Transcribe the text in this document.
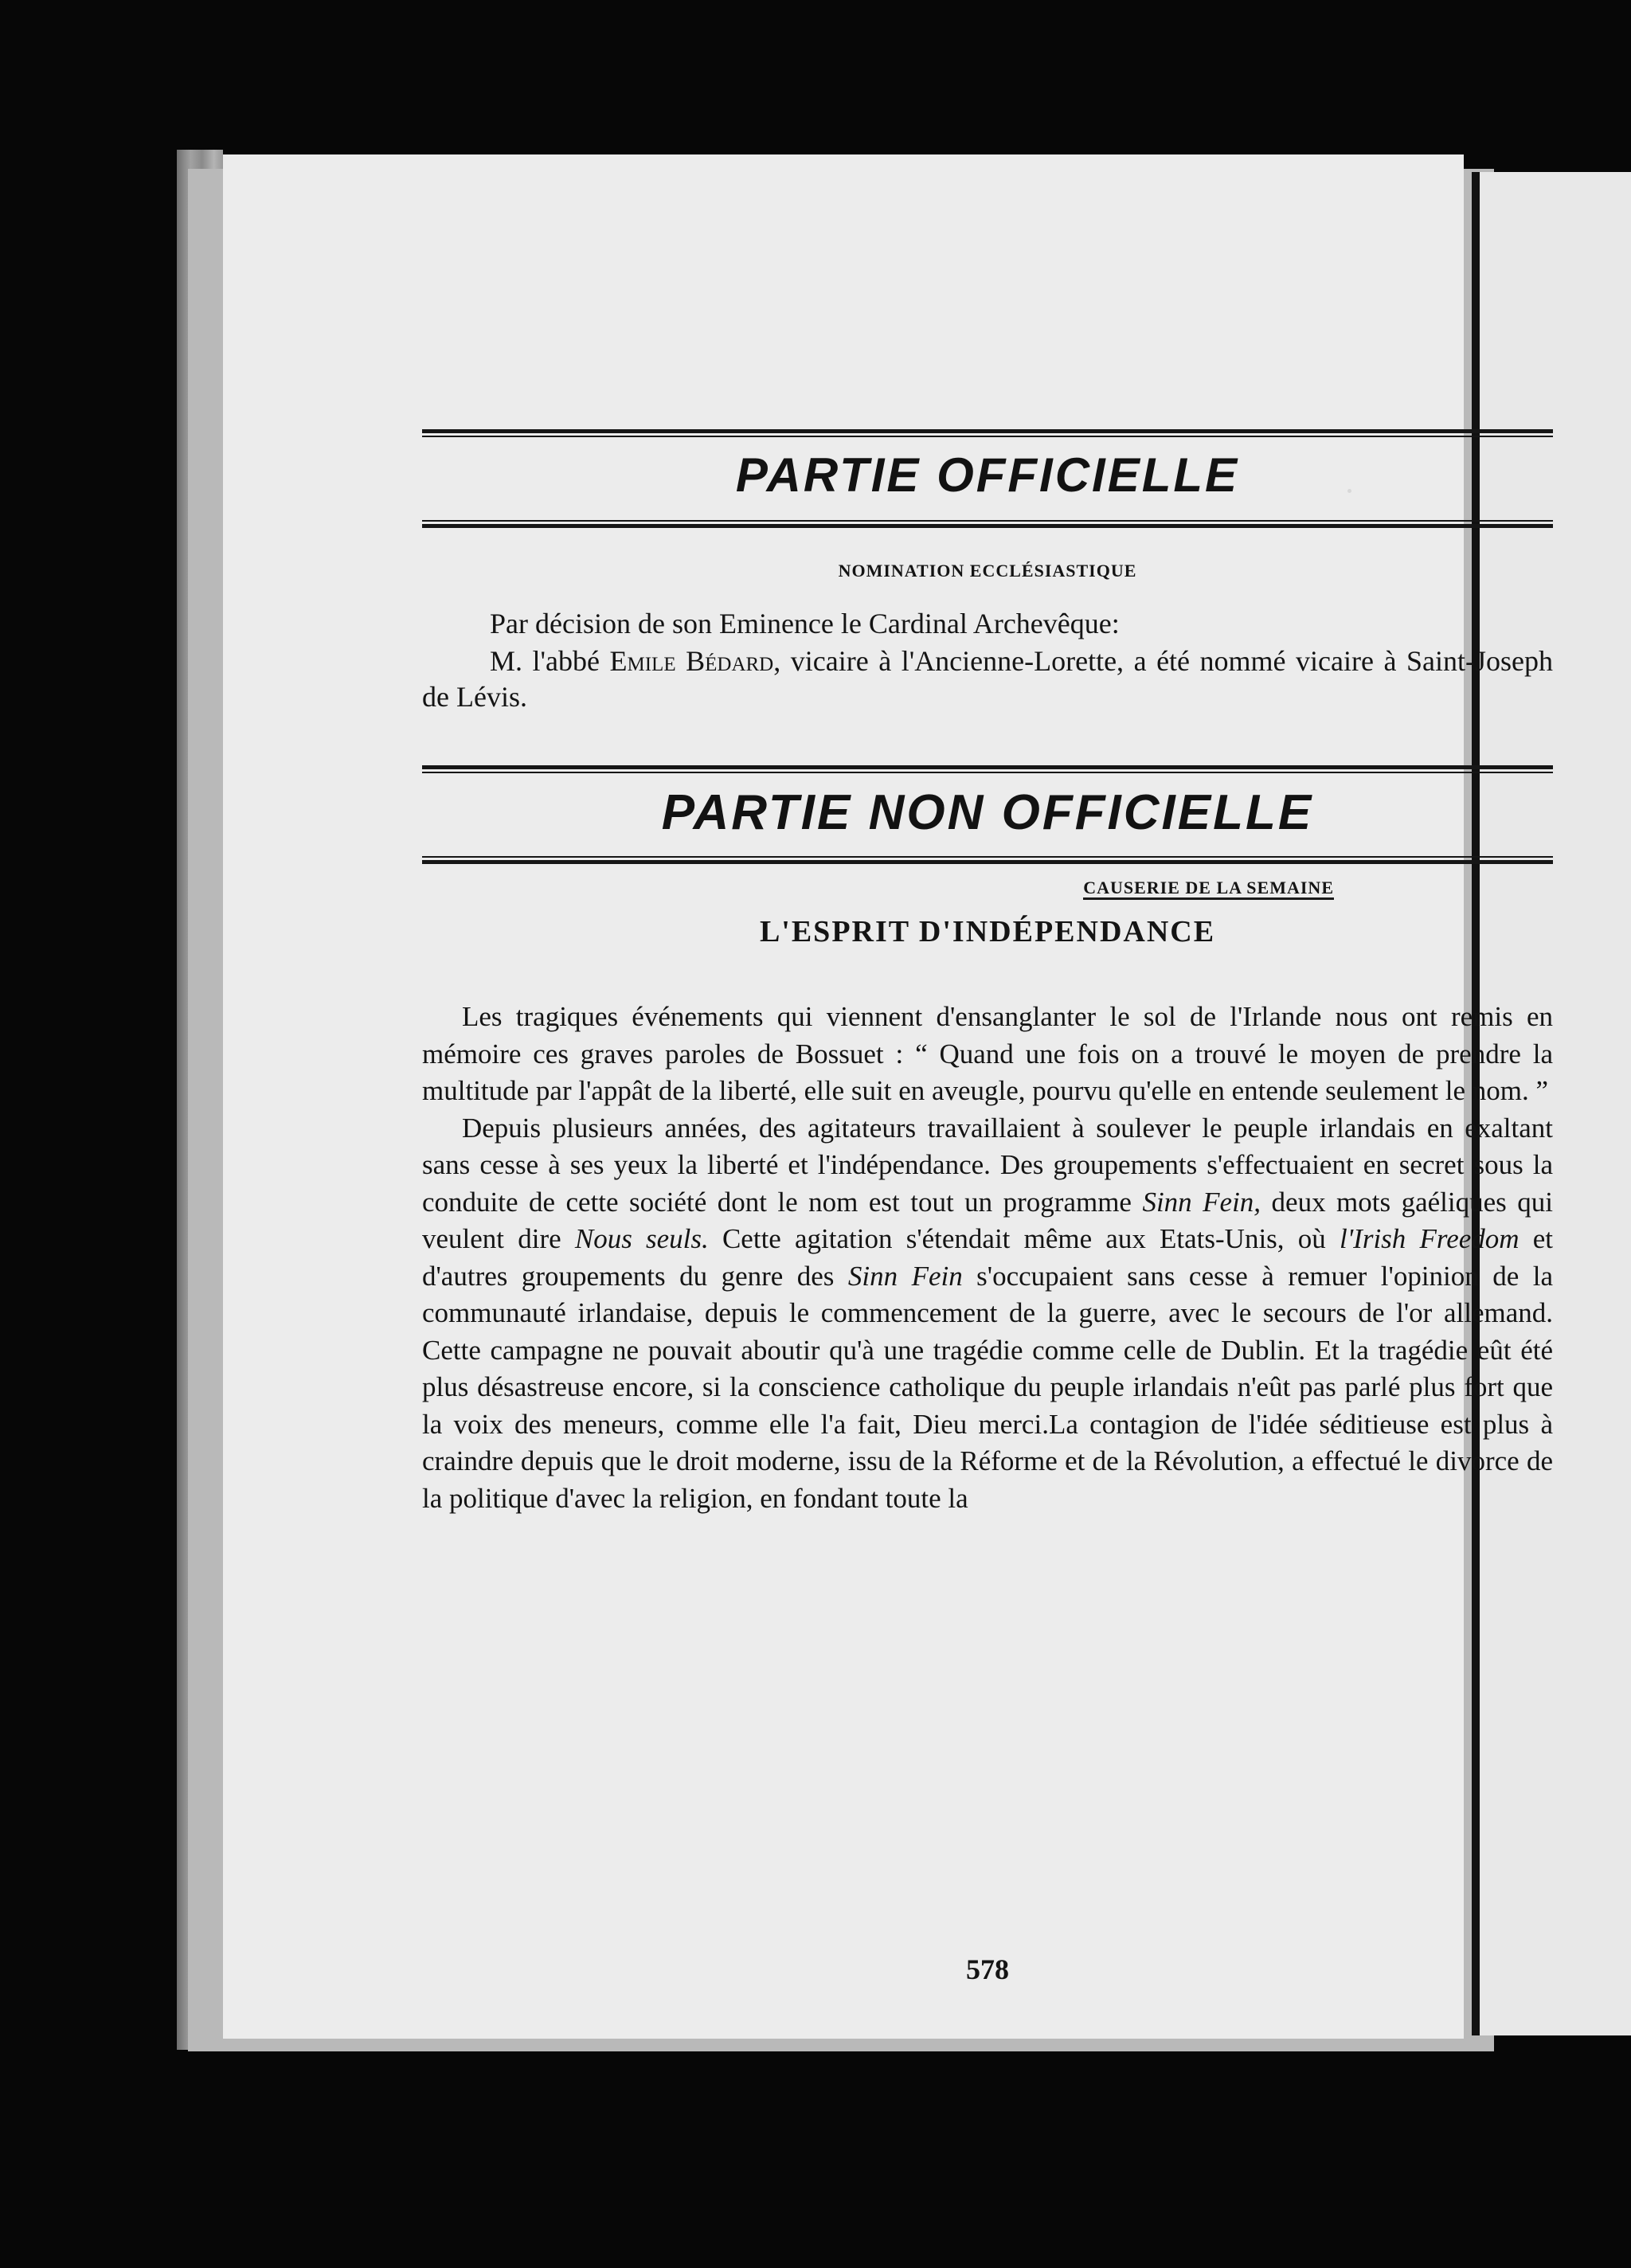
PARTIE OFFICIELLE
NOMINATION ECCLÉSIASTIQUE
Par décision de son Eminence le Cardinal Archevêque:
M. l'abbé Emile Bédard, vicaire à l'Ancienne-Lorette, a été nommé vicaire à Saint-Joseph de Lévis.
PARTIE NON OFFICIELLE
CAUSERIE DE LA SEMAINE
L'ESPRIT D'INDÉPENDANCE

Les tragiques événements qui viennent d'ensanglanter le sol de l'Irlande nous ont remis en mémoire ces graves paroles de Bossuet : “ Quand une fois on a trouvé le moyen de prendre la multitude par l'appât de la liberté, elle suit en aveugle, pourvu qu'elle en entende seulement le nom. ”

Depuis plusieurs années, des agitateurs travaillaient à soulever le peuple irlandais en exaltant sans cesse à ses yeux la liberté et l'indépendance. Des groupements s'effectuaient en secret sous la conduite de cette société dont le nom est tout un programme Sinn Fein, deux mots gaéliques qui veulent dire Nous seuls. Cette agitation s'étendait même aux Etats-Unis, où l'Irish Freedom et d'autres groupements du genre des Sinn Fein s'occupaient sans cesse à remuer l'opinion de la communauté irlandaise, depuis le commencement de la guerre, avec le secours de l'or allemand. Cette campagne ne pouvait aboutir qu'à une tragédie comme celle de Dublin. Et la tragédie eût été plus désastreuse encore, si la conscience catholique du peuple irlandais n'eût pas parlé plus fort que la voix des meneurs, comme elle l'a fait, Dieu merci.La contagion de l'idée séditieuse est plus à craindre depuis que le droit moderne, issu de la Réforme et de la Révolution, a effectué le divorce de la politique d'avec la religion, en fondant toute la

578
